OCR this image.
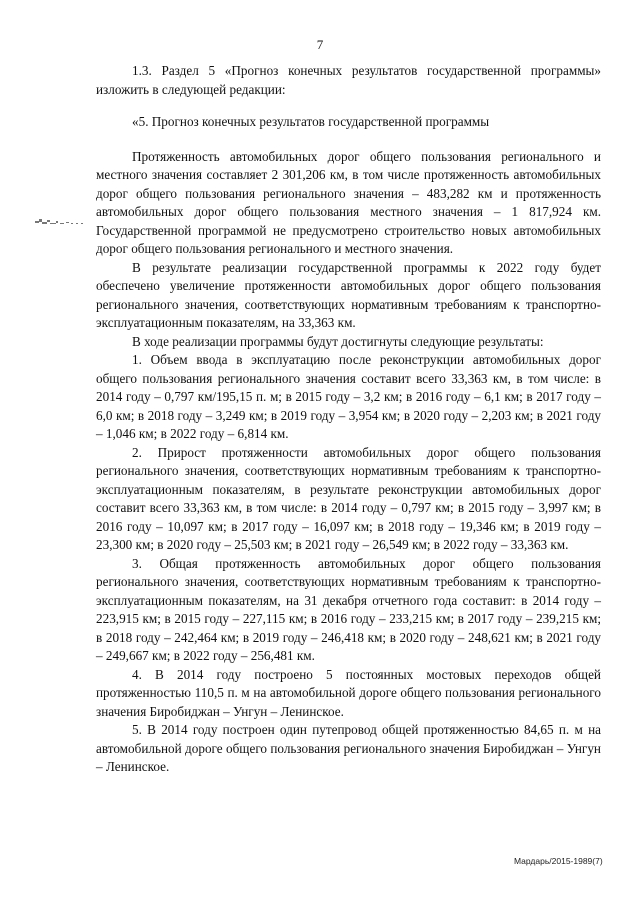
7

1.3. Раздел 5 «Прогноз конечных результатов государственной программы» изложить в следующей редакции:

«5. Прогноз конечных результатов государственной программы

Протяженность автомобильных дорог общего пользования регионального и местного значения составляет 2 301,206 км, в том числе протяженность автомобильных дорог общего пользования регионального значения – 483,282 км и протяженность автомобильных дорог общего пользования местного значения – 1 817,924 км. Государственной программой не предусмотрено строительство новых автомобильных дорог общего пользования регионального и местного значения.

В результате реализации государственной программы к 2022 году будет обеспечено увеличение протяженности автомобильных дорог общего пользования регионального значения, соответствующих нормативным требованиям к транспортно-эксплуатационным показателям, на 33,363 км.

В ходе реализации программы будут достигнуты следующие результаты:

1. Объем ввода в эксплуатацию после реконструкции автомобильных дорог общего пользования регионального значения составит всего 33,363 км, в том числе: в 2014 году – 0,797 км/195,15 п. м; в 2015 году – 3,2 км; в 2016 году – 6,1 км; в 2017 году – 6,0 км; в 2018 году – 3,249 км; в 2019 году – 3,954 км; в 2020 году – 2,203 км; в 2021 году – 1,046 км; в 2022 году – 6,814 км.

2. Прирост протяженности автомобильных дорог общего пользования регионального значения, соответствующих нормативным требованиям к транспортно-эксплуатационным показателям, в результате реконструкции автомобильных дорог составит всего 33,363 км, в том числе: в 2014 году – 0,797 км; в 2015 году – 3,997 км; в 2016 году – 10,097 км; в 2017 году – 16,097 км; в 2018 году – 19,346 км; в 2019 году – 23,300 км; в 2020 году – 25,503 км; в 2021 году – 26,549 км; в 2022 году – 33,363 км.

3. Общая протяженность автомобильных дорог общего пользования регионального значения, соответствующих нормативным требованиям к транспортно-эксплуатационным показателям, на 31 декабря отчетного года составит: в 2014 году – 223,915 км; в 2015 году – 227,115 км; в 2016 году – 233,215 км; в 2017 году – 239,215 км; в 2018 году – 242,464 км; в 2019 году – 246,418 км; в 2020 году – 248,621 км; в 2021 году – 249,667 км; в 2022 году – 256,481 км.

4. В 2014 году построено 5 постоянных мостовых переходов общей протяженностью 110,5 п. м на автомобильной дороге общего пользования регионального значения Биробиджан – Унгун – Ленинское.

5. В 2014 году построен один путепровод общей протяженностью 84,65 п. м на автомобильной дороге общего пользования регионального значения Биробиджан – Унгун – Ленинское.

Мардарь/2015-1989(7)
